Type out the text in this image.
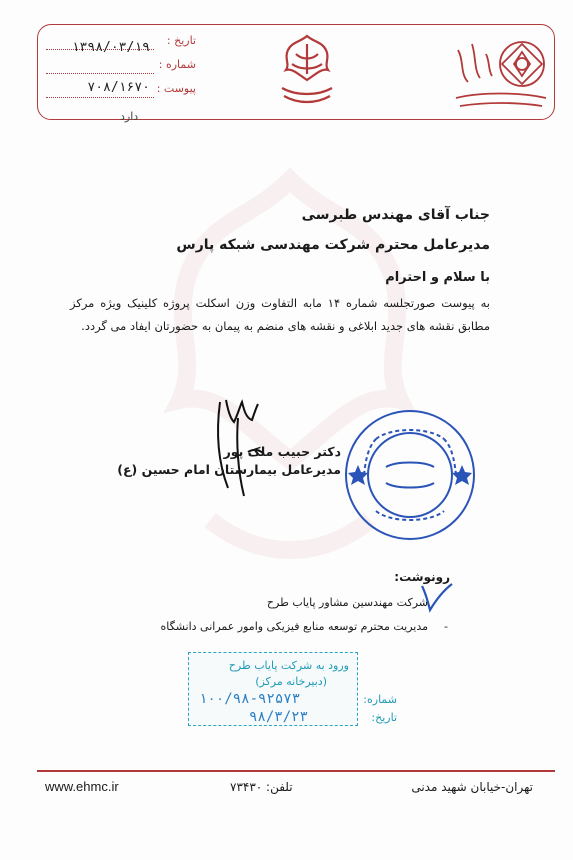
تاریخ :
شماره :
۱۳۹۸/۰۳/۱۹
پیوست :
۷۰۸/۱۶۷۰
دارد
جناب آقای مهندس طبرسی
مدیرعامل محترم شرکت مهندسی شبکه پارس
با سلام و احترام
به پیوست صورتجلسه شماره ۱۴ مابه التفاوت وزن اسکلت پروژه کلینیک ویژه مرکز مطابق نقشه های جدید ابلاغی و نقشه های منضم به پیمان به حضورتان ایفاد می گردد.
دکتر حبیب ملک پور
مدیرعامل بیمارستان امام حسین (ع)
رونوشت:
شرکت مهندسین مشاور پایاب طرح
-
مدیریت محترم توسعه منابع فیزیکی وامور عمرانی دانشگاه
ورود به شرکت پایاب طرح
(دبیرخانه مرکز)
شماره:
۱۰۰/۹۸-۹۲۵۷۳
تاریخ:
۹۸/۳/۲۳
www.ehmc.ir	تلفن: ۷۳۴۳۰	تهران-خیابان شهید مدنی
